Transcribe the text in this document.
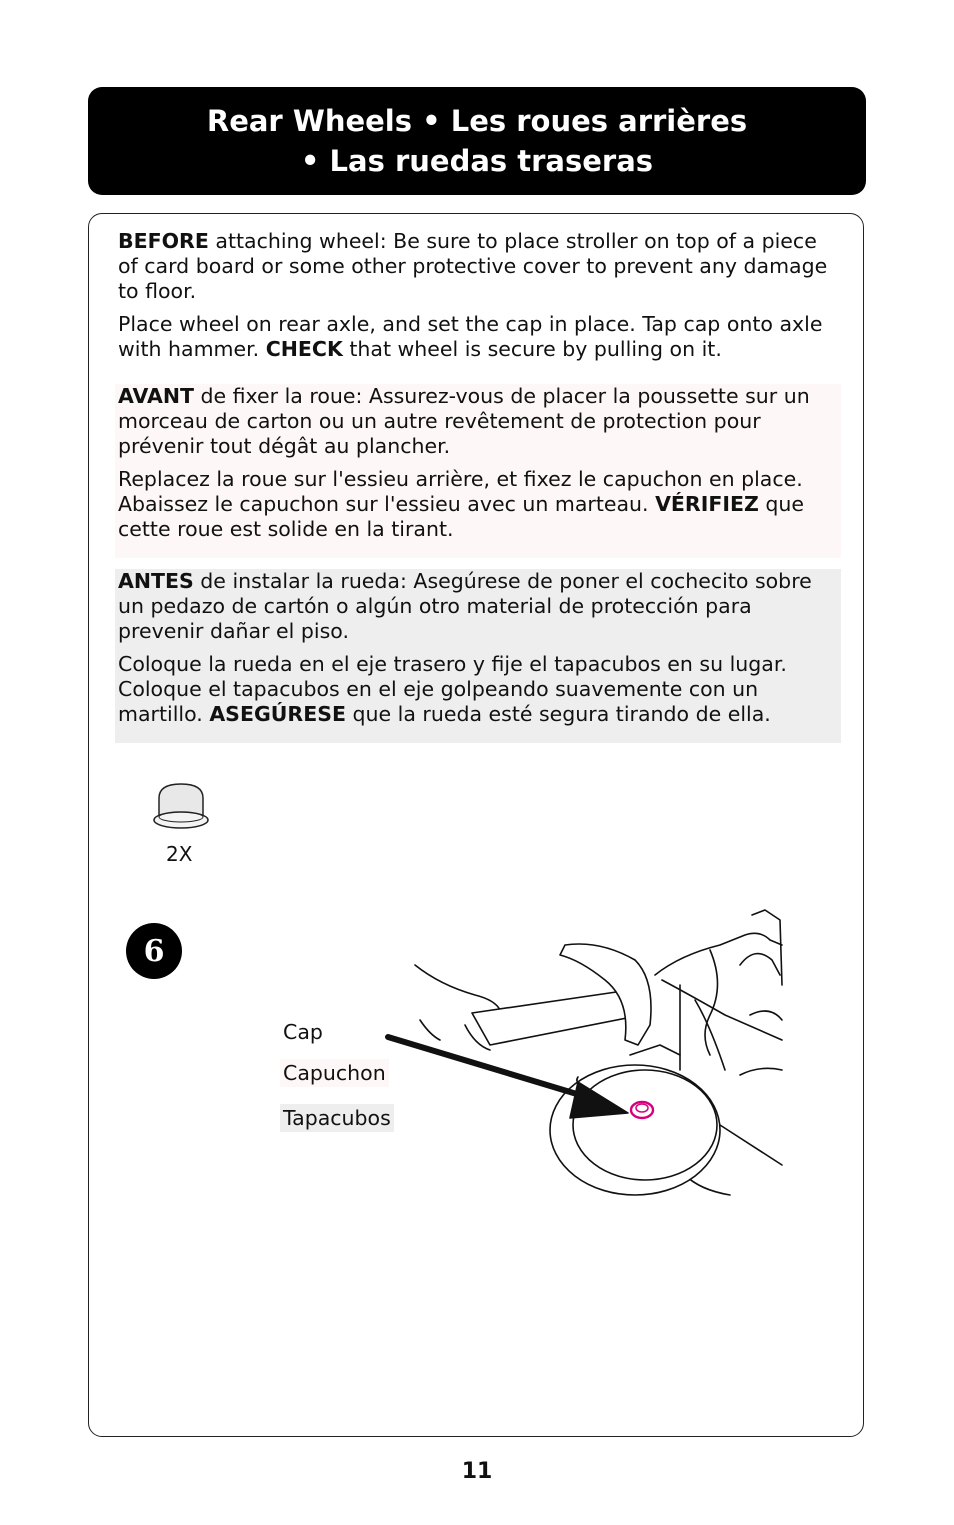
Rear Wheels • Les roues arrières
• Las ruedas traseras

BEFORE attaching wheel: Be sure to place stroller on top of a piece of card board or some other protective cover to prevent any damage to floor.

Place wheel on rear axle, and set the cap in place. Tap cap onto axle with hammer. CHECK that wheel is secure by pulling on it.

AVANT de fixer la roue: Assurez-vous de placer la poussette sur un morceau de carton ou un autre revêtement de protection pour prévenir tout dégât au plancher.

Replacez la roue sur l'essieu arrière, et fixez le capuchon en place. Abaissez le capuchon sur l'essieu avec un marteau. VÉRIFIEZ que cette roue est solide en la tirant.

ANTES de instalar la rueda: Asegúrese de poner el cochecito sobre un pedazo de cartón o algún otro material de protección para prevenir dañar el piso.

Coloque la rueda en el eje trasero y fije el tapacubos en su lugar. Coloque el tapacubos en el eje golpeando suavemente con un martillo. ASEGÚRESE que la rueda esté segura tirando de ella.

2X
6
Cap
Capuchon
Tapacubos
11
